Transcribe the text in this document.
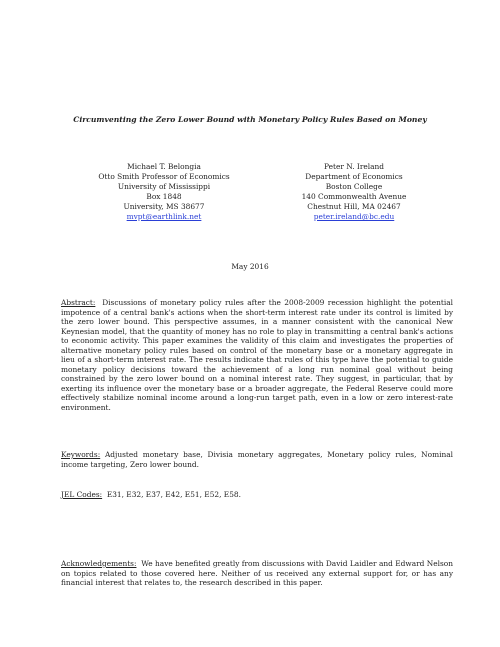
Circumventing the Zero Lower Bound with Monetary Policy Rules Based on Money
Michael T. Belongia
Otto Smith Professor of Economics
University of Mississippi
Box 1848
University, MS 38677
mvpt@earthlink.net
Peter N. Ireland
Department of Economics
Boston College
140 Commonwealth Avenue
Chestnut Hill, MA 02467
peter.ireland@bc.edu
May 2016
Abstract: Discussions of monetary policy rules after the 2008-2009 recession highlight the potential impotence of a central bank's actions when the short-term interest rate under its control is limited by the zero lower bound. This perspective assumes, in a manner consistent with the canonical New Keynesian model, that the quantity of money has no role to play in transmitting a central bank's actions to economic activity. This paper examines the validity of this claim and investigates the properties of alternative monetary policy rules based on control of the monetary base or a monetary aggregate in lieu of a short-term interest rate. The results indicate that rules of this type have the potential to guide monetary policy decisions toward the achievement of a long run nominal goal without being constrained by the zero lower bound on a nominal interest rate. They suggest, in particular, that by exerting its influence over the monetary base or a broader aggregate, the Federal Reserve could more effectively stabilize nominal income around a long-run target path, even in a low or zero interest-rate environment.
Keywords: Adjusted monetary base, Divisia monetary aggregates, Monetary policy rules, Nominal income targeting, Zero lower bound.
JEL Codes: E31, E32, E37, E42, E51, E52, E58.
Acknowledgements: We have benefited greatly from discussions with David Laidler and Edward Nelson on topics related to those covered here. Neither of us received any external support for, or has any financial interest that relates to, the research described in this paper.
